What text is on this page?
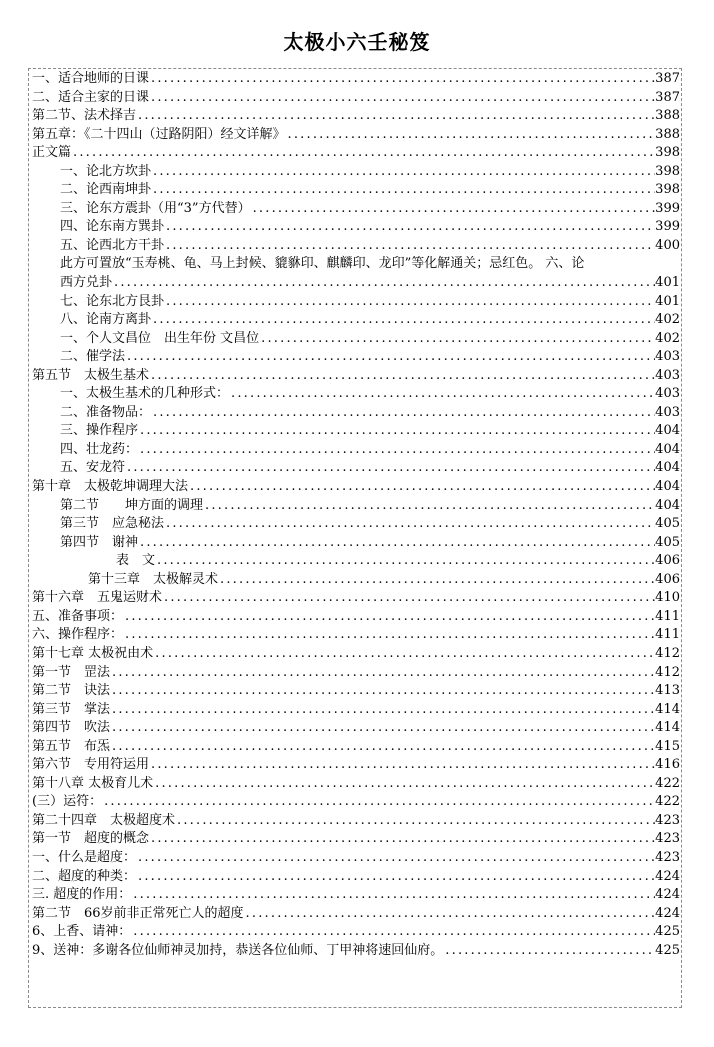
太极小六壬秘笈
一、适合地师的日课 .....	387
二、适合主家的日课 .....	387
第二节、法术择吉 .....	388
第五章：《二十四山（过路阴阳）经文详解》 .....	388
正文篇 .....	398
一、论北方坎卦 .....	398
二、论西南坤卦 .....	398
三、论东方震卦（用“3”方代替） .....	399
四、论东南方巽卦 .....	399
五、论西北方干卦 .....	400
此方可置放“玉寿桃、龟、马上封候、貔貅印、麒麟印、龙印”等化解通关；忌红色。 六、论
西方兑卦 .....	401
七、论东北方艮卦 .....	401
八、论南方离卦 .....	402
一、个人文昌位　出生年份 文昌位 .....	402
二、催学法 .....	403
第五节　太极生基术 .....	403
一、太极生基术的几种形式： .....	403
二、准备物品： .....	403
三、操作程序 .....	404
四、壮龙药： .....	404
五、安龙符 .....	404
第十章　太极乾坤调理大法 .....	404
第二节　　坤方面的调理 .....	404
第三节　应急秘法 .....	405
第四节　谢神 .....	405
表　文 .....	406
第十三章　太极解灵术 .....	406
第十六章　五鬼运财术 .....	410
五、准备事项： .....	411
六、操作程序： .....	411
第十七章 太极祝由术 .....	412
第一节　罡法 .....	412
第二节　诀法 .....	413
第三节　掌法 .....	414
第四节　吹法 .....	414
第五节　布炁 .....	415
第六节　专用符运用 .....	416
第十八章 太极育儿术 .....	422
(三）运符： .....	422
第二十四章　太极超度术 .....	423
第一节　超度的概念 .....	423
一、什么是超度： .....	423
二、超度的种类： .....	424
三. 超度的作用： .....	424
第二节　66岁前非正常死亡人的超度 .....	424
6、上香、请神： .....	425
9、送神：多谢各位仙师神灵加持，恭送各位仙师、丁甲神将速回仙府。 .....	425
